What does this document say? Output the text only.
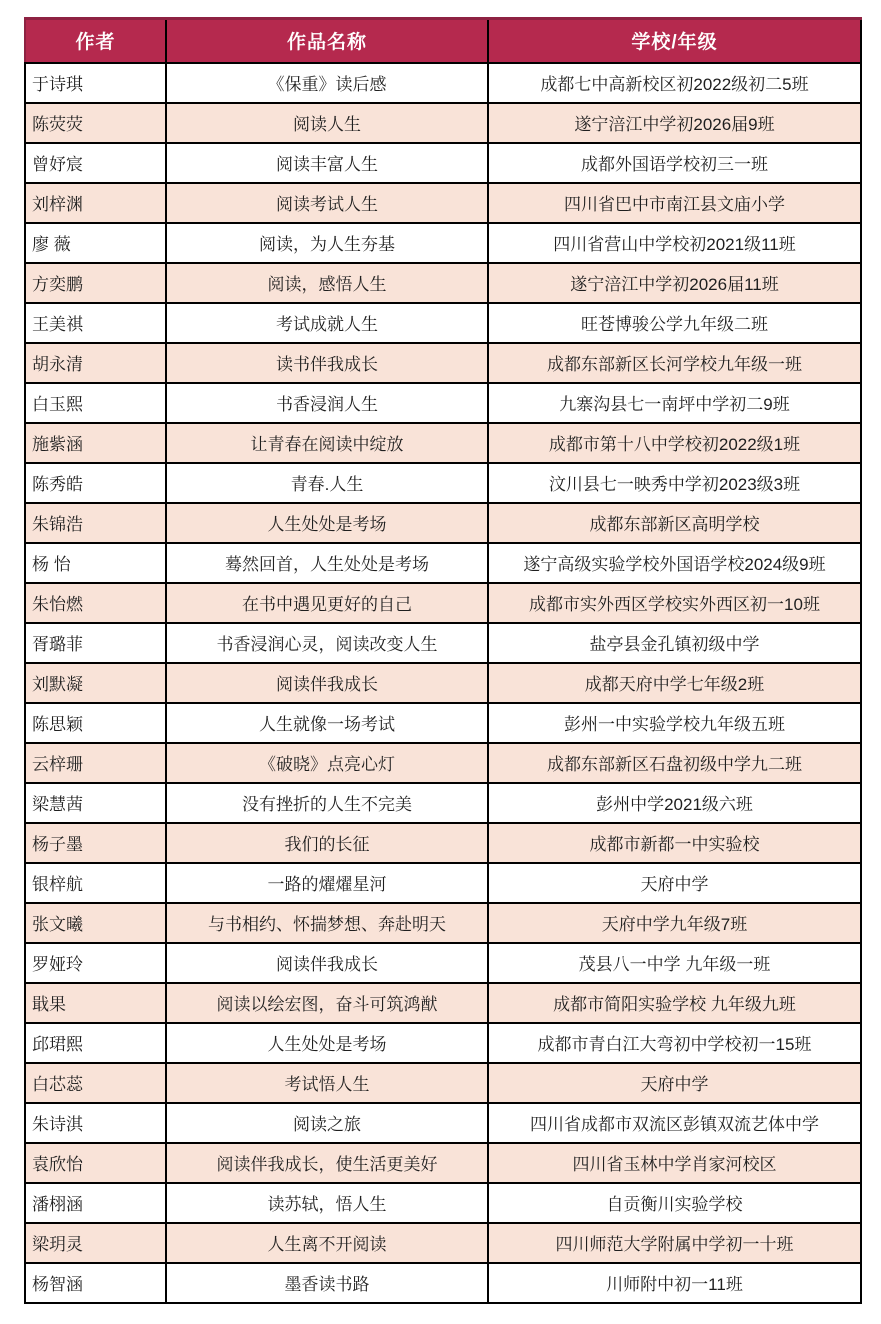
作者	作品名称	学校/年级
于诗琪	《保重》读后感	成都七中高新校区初2022级初二5班
陈荧荧	阅读人生	遂宁涪江中学初2026届9班
曾妤宸	阅读丰富人生	成都外国语学校初三一班
刘梓渊	阅读考试人生	四川省巴中市南江县文庙小学
廖 薇	阅读，为人生夯基	四川省营山中学校初2021级11班
方奕鹏	阅读，感悟人生	遂宁涪江中学初2026届11班
王美祺	考试成就人生	旺苍博骏公学九年级二班
胡永清	读书伴我成长	成都东部新区长河学校九年级一班
白玉熙	书香浸润人生	九寨沟县七一南坪中学初二9班
施紫涵	让青春在阅读中绽放	成都市第十八中学校初2022级1班
陈秀皓	青春.人生	汶川县七一映秀中学初2023级3班
朱锦浩	人生处处是考场	成都东部新区高明学校
杨 怡	蓦然回首，人生处处是考场	遂宁高级实验学校外国语学校2024级9班
朱怡燃	在书中遇见更好的自己	成都市实外西区学校实外西区初一10班
胥璐菲	书香浸润心灵，阅读改变人生	盐亭县金孔镇初级中学
刘默凝	阅读伴我成长	成都天府中学七年级2班
陈思颖	人生就像一场考试	彭州一中实验学校九年级五班
云梓珊	《破晓》点亮心灯	成都东部新区石盘初级中学九二班
梁慧茜	没有挫折的人生不完美	彭州中学2021级六班
杨子墨	我们的长征	成都市新都一中实验校
银梓航	一路的燿燿星河	天府中学
张文曦	与书相约、怀揣梦想、奔赴明天	天府中学九年级7班
罗娅玲	阅读伴我成长	茂县八一中学 九年级一班
戢果	阅读以绘宏图，奋斗可筑鸿猷	成都市简阳实验学校 九年级九班
邱珺熙	人生处处是考场	成都市青白江大弯初中学校初一15班
白芯蕊	考试悟人生	天府中学
朱诗淇	阅读之旅	四川省成都市双流区彭镇双流艺体中学
袁欣怡	阅读伴我成长，使生活更美好	四川省玉林中学肖家河校区
潘栩涵	读苏轼，悟人生	自贡衡川实验学校
梁玥灵	人生离不开阅读	四川师范大学附属中学初一十班
杨智涵	墨香读书路	川师附中初一11班
